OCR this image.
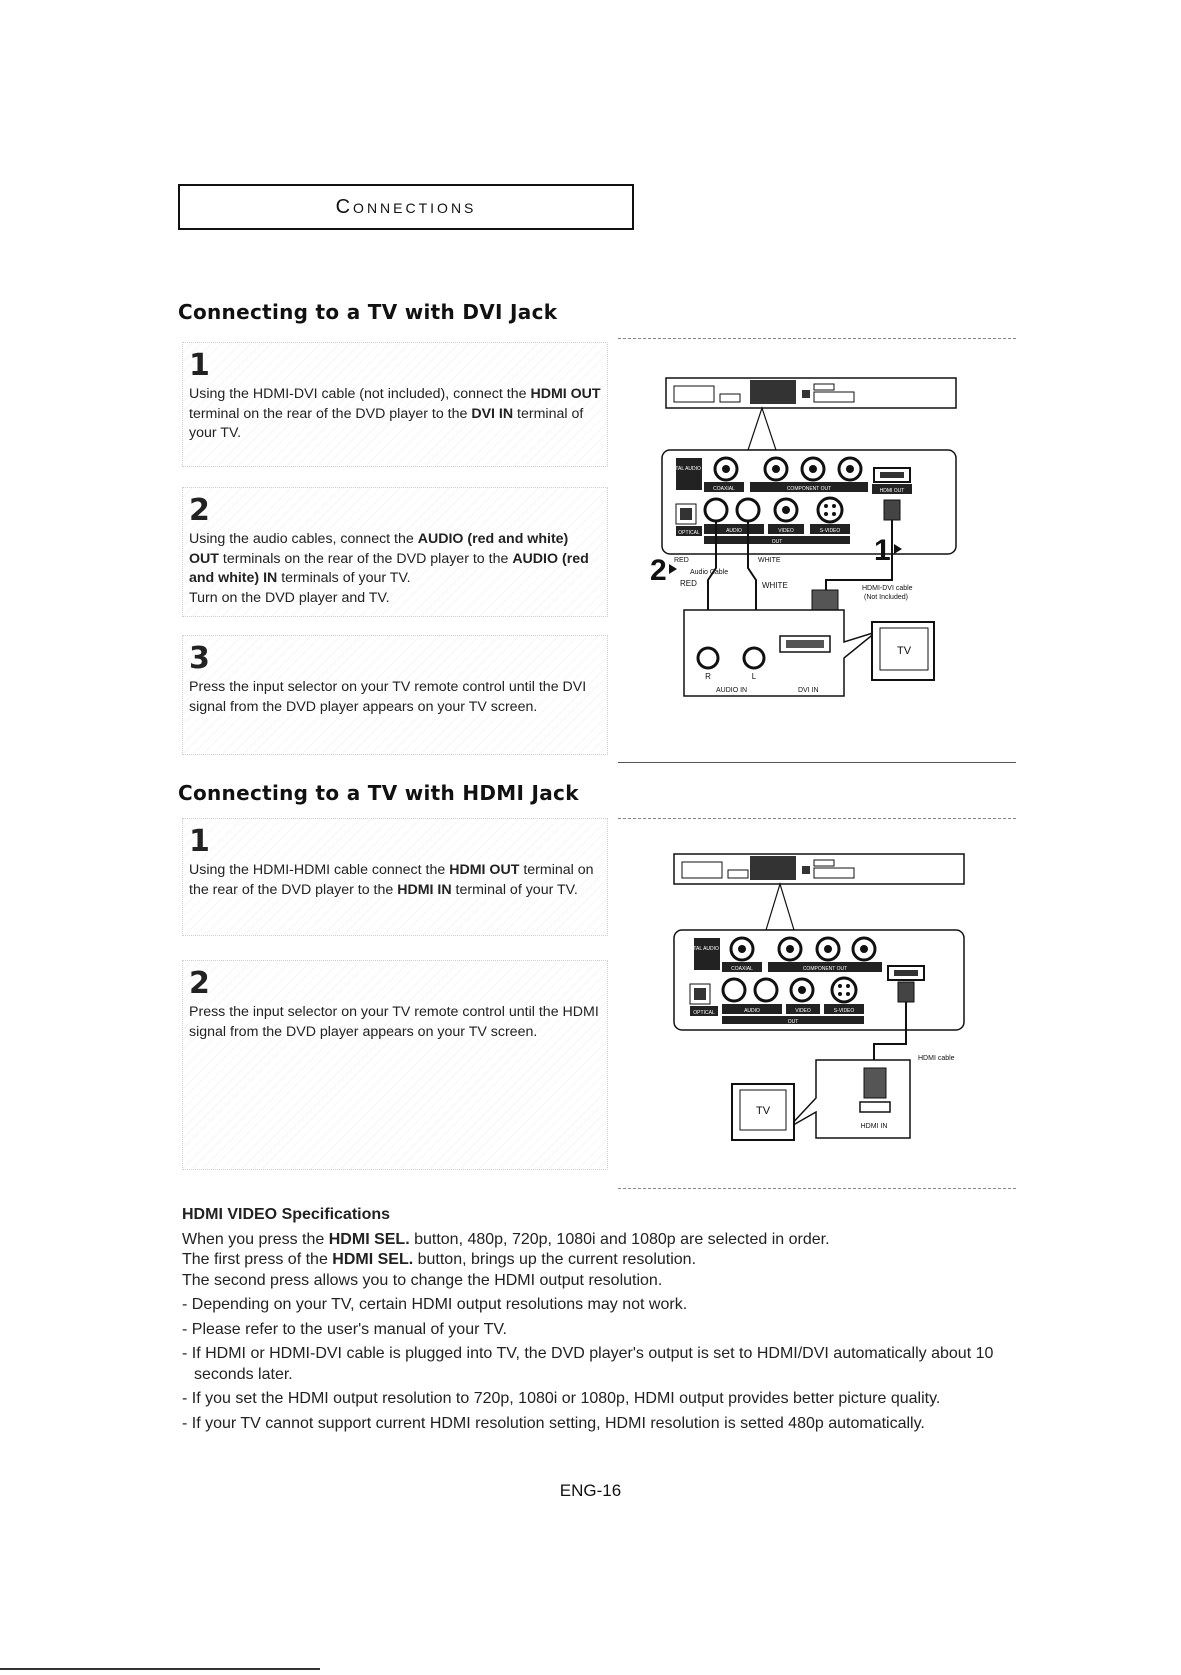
Connections
Connecting to a TV with DVI Jack
1

Using the HDMI-DVI cable (not included), connect the HDMI OUT terminal on the rear of the DVD player to the DVI IN terminal of your TV.

2

Using the audio cables, connect the AUDIO (red and white) OUT terminals on the rear of the DVD player to the AUDIO (red and white) IN terminals of your TV.

Turn on the DVD player and TV.

3

Press the input selector on your TV remote control until the DVI signal from the DVD player appears on your TV screen.

DIGITAL AUDIO OUT
COAXIAL	COMPONENT OUT
OPTICAL	AUDIO	VIDEO	S-VIDEO
OUT
HDMI OUT
RED	WHITE
RED	WHITE
2	Audio Cable
1
HDMI-DVI cable
(Not Included)
R	L
AUDIO IN	DVI IN
TV
Connecting to a TV with HDMI Jack
1

Using the HDMI-HDMI cable connect the HDMI OUT terminal on the rear of the DVD player to the HDMI IN terminal of your TV.

2

Press the input selector on your TV remote control until the HDMI signal from the DVD player appears on your TV screen.

DIGITAL AUDIO OUT
COAXIAL	COMPONENT OUT
OPTICAL	AUDIO	VIDEO	S-VIDEO
OUT
HDMI cable
HDMI IN
TV
HDMI VIDEO Specifications

When you press the HDMI SEL. button, 480p, 720p, 1080i and 1080p are selected in order.

The first press of the HDMI SEL. button, brings up the current resolution.

The second press allows you to change the HDMI output resolution.

- Depending on your TV, certain HDMI output resolutions may not work.
- Please refer to the user's manual of your TV.
- If HDMI or HDMI-DVI cable is plugged into TV, the DVD player's output is set to HDMI/DVI automatically about 10 seconds later.
- If you set the HDMI output resolution to 720p, 1080i or 1080p, HDMI output provides better picture quality.
- If your TV cannot support current HDMI resolution setting, HDMI resolution is setted 480p automatically.
ENG-16
